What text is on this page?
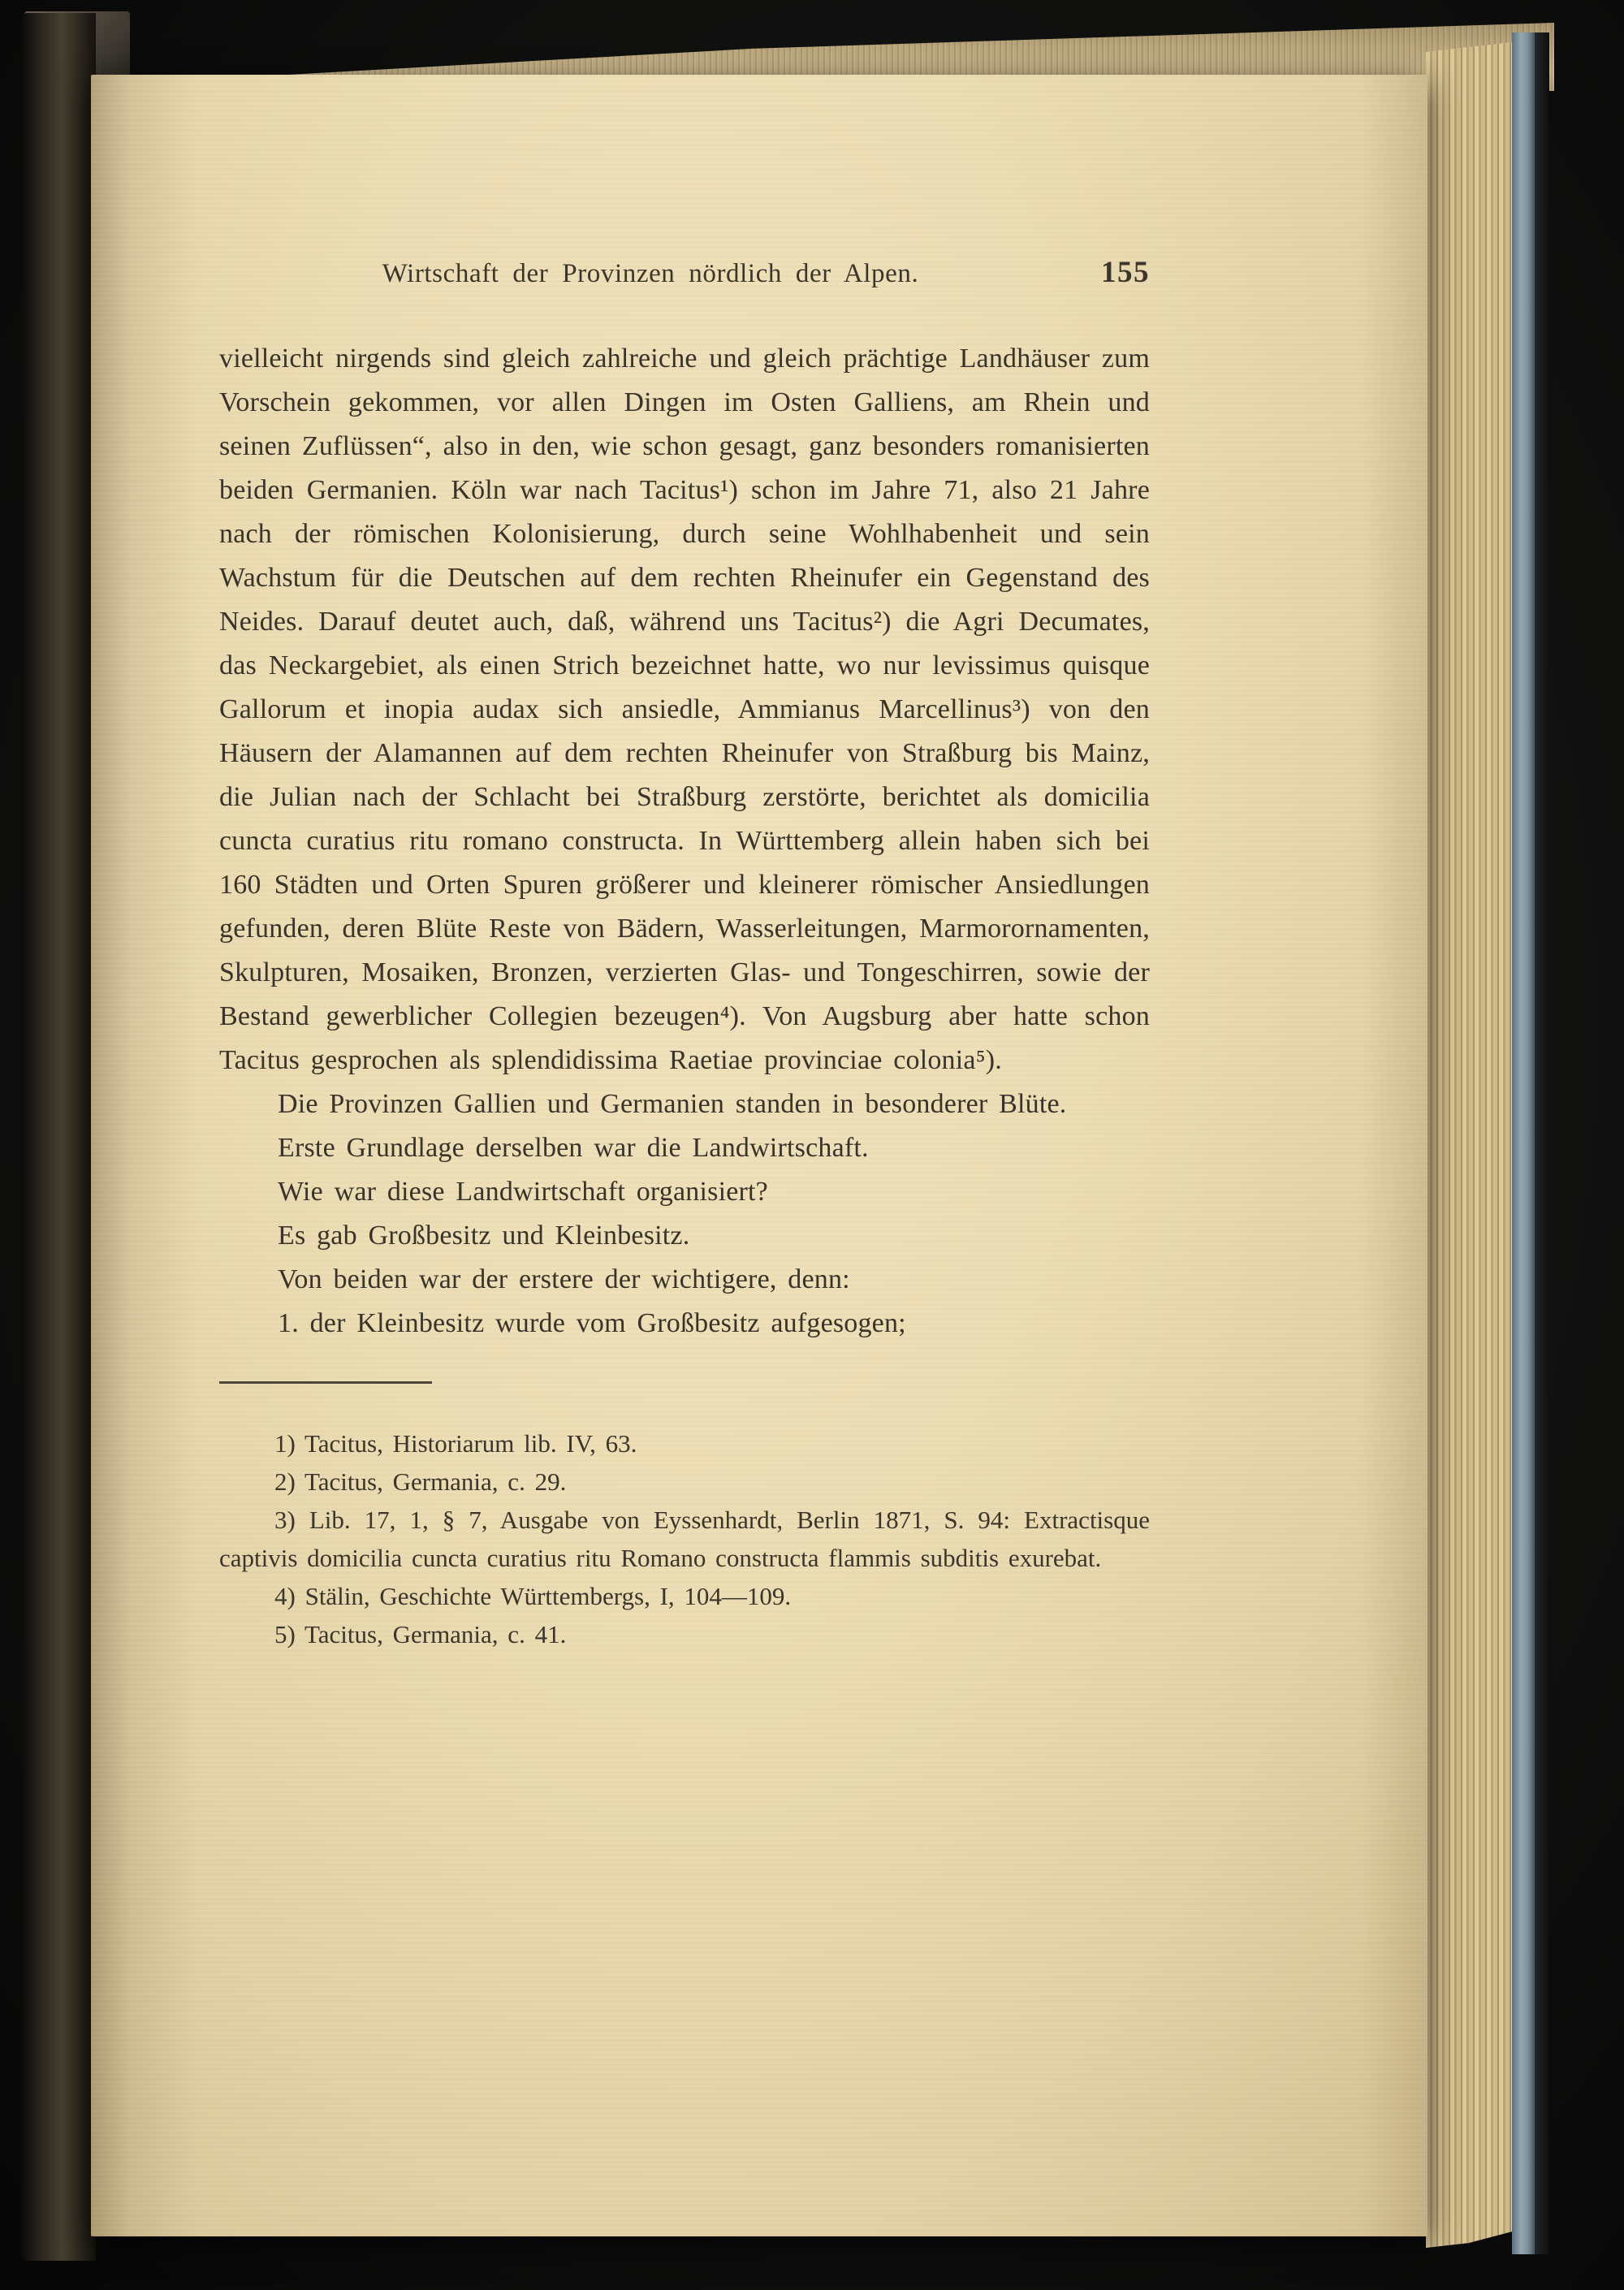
Wirtschaft der Provinzen nördlich der Alpen.	155

vielleicht nirgends sind gleich zahlreiche und gleich prächtige Landhäuser zum Vorschein gekommen, vor allen Dingen im Osten Galliens, am Rhein und seinen Zuflüssen“, also in den, wie schon gesagt, ganz besonders romanisierten beiden Germanien. Köln war nach Tacitus¹) schon im Jahre 71, also 21 Jahre nach der römischen Kolonisierung, durch seine Wohlhabenheit und sein Wachstum für die Deutschen auf dem rechten Rheinufer ein Gegenstand des Neides. Darauf deutet auch, daß, während uns Tacitus²) die Agri Decumates, das Neckargebiet, als einen Strich bezeichnet hatte, wo nur levissimus quisque Gallorum et inopia audax sich ansiedle, Ammianus Marcellinus³) von den Häusern der Alamannen auf dem rechten Rheinufer von Straßburg bis Mainz, die Julian nach der Schlacht bei Straßburg zerstörte, berichtet als domicilia cuncta curatius ritu romano constructa. In Württemberg allein haben sich bei 160 Städten und Orten Spuren größerer und kleinerer römischer Ansiedlungen gefunden, deren Blüte Reste von Bädern, Wasserleitungen, Marmorornamenten, Skulpturen, Mosaiken, Bronzen, verzierten Glas- und Tongeschirren, sowie der Bestand gewerblicher Collegien bezeugen⁴). Von Augsburg aber hatte schon Tacitus gesprochen als splendidissima Raetiae provinciae colonia⁵).

Die Provinzen Gallien und Germanien standen in besonderer Blüte.

Erste Grundlage derselben war die Landwirtschaft.

Wie war diese Landwirtschaft organisiert?

Es gab Großbesitz und Kleinbesitz.

Von beiden war der erstere der wichtigere, denn:

1. der Kleinbesitz wurde vom Großbesitz aufgesogen;

1) Tacitus, Historiarum lib. IV, 63.

2) Tacitus, Germania, c. 29.

3) Lib. 17, 1, § 7, Ausgabe von Eyssenhardt, Berlin 1871, S. 94: Extractisque captivis domicilia cuncta curatius ritu Romano constructa flammis subditis exurebat.

4) Stälin, Geschichte Württembergs, I, 104—109.

5) Tacitus, Germania, c. 41.
